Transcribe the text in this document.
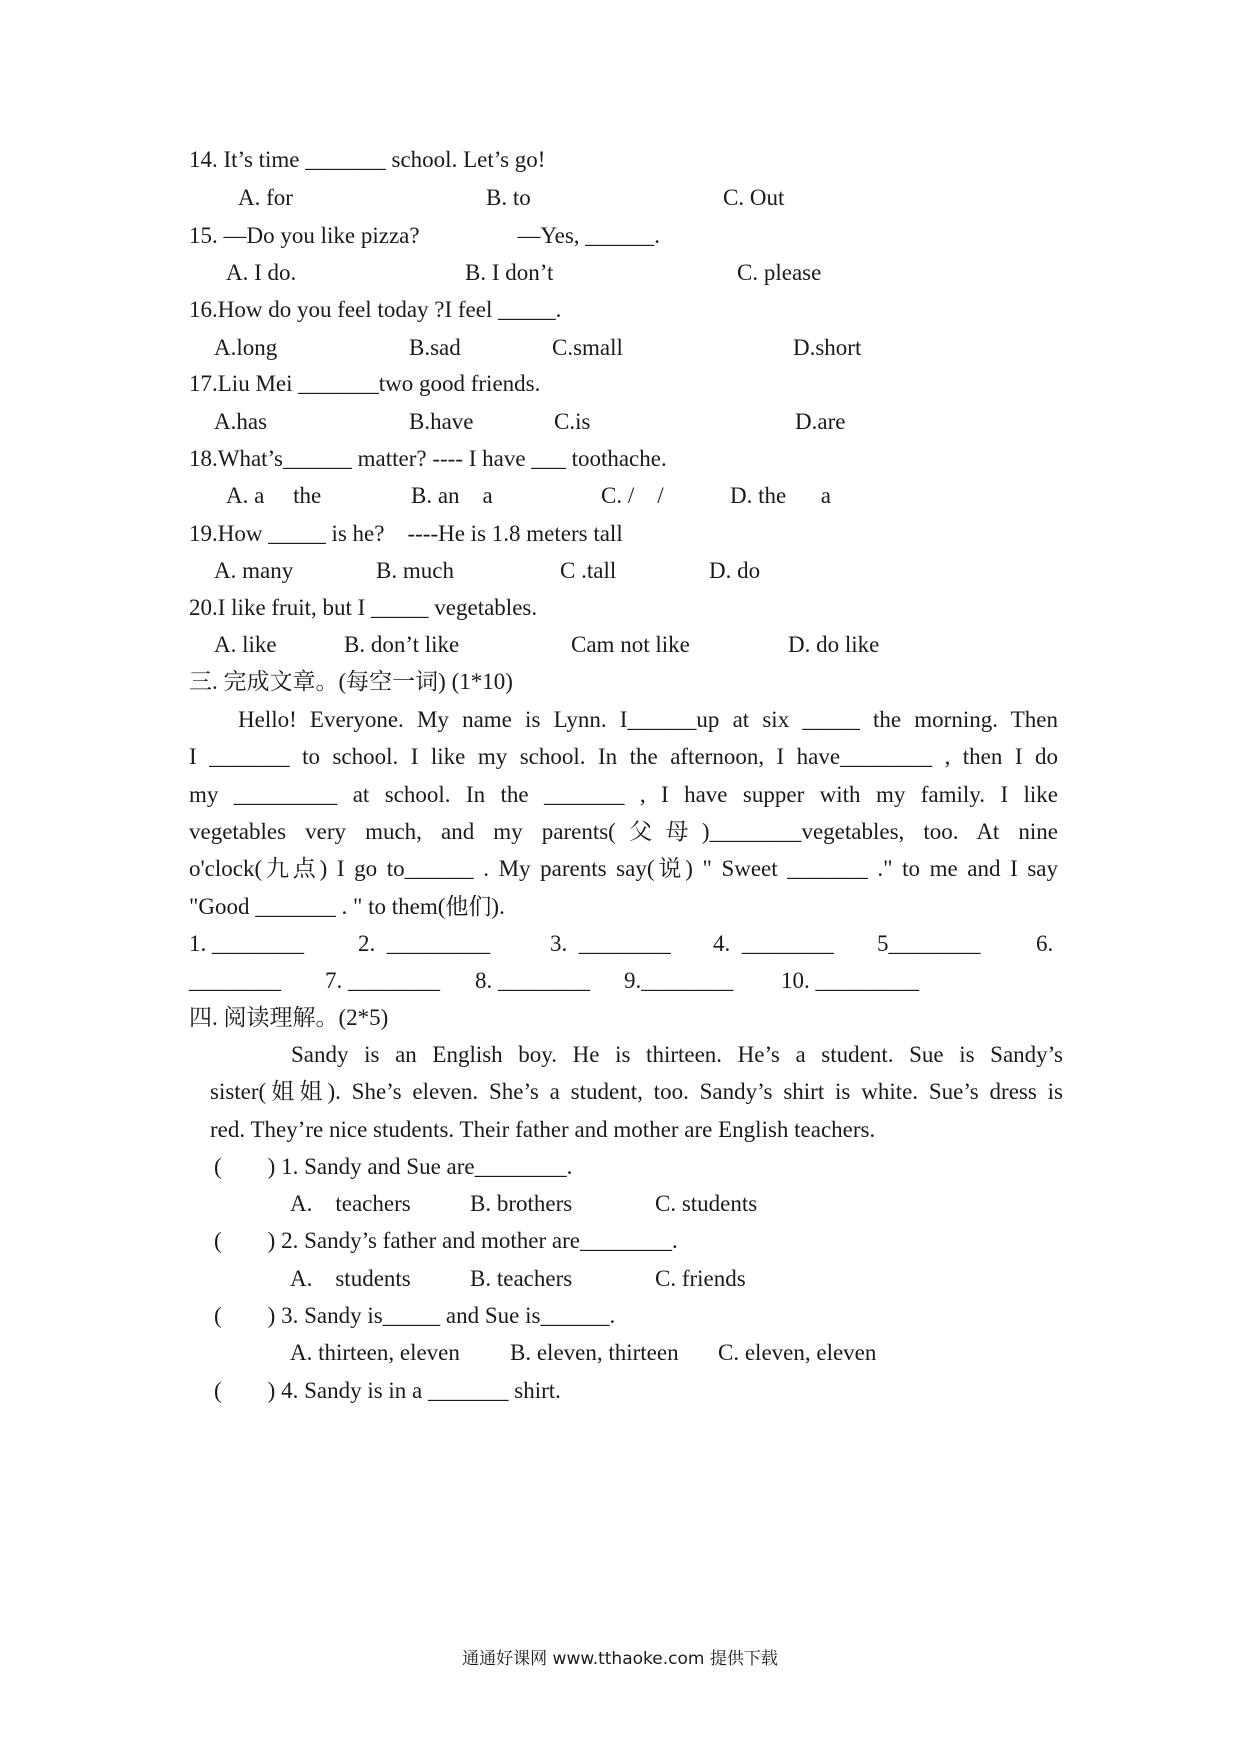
14. It’s time _______ school. Let’s go!
A. for	B. to	C. Out
15. —Do you like pizza?                 —Yes, ______.
A. I do.	B. I don’t	C. please
16.How do you feel today ?I feel _____.
A.long	B.sad	C.small	D.short
17.Liu Mei _______two good friends.
A.has	B.have	C.is	D.are
18.What’s______ matter? ---- I have ___ toothache.
A. a     the	B. an    a	C. /    /	D. the      a
19.How _____ is he?    ----He is 1.8 meters tall
A. many	B. much	C .tall	D. do
20.I like fruit, but I _____ vegetables.
A. like	B. don’t like	Cam not like	D. do like
三. 完成文章。(每空一词) (1*10)
Hello! Everyone. My name is Lynn. I______up at six _____ the morning. Then
I _______ to school. I like my school. In the afternoon, I have________ , then I do
my _________ at school. In the _______ , I have supper with my family. I like
vegetables very much, and my parents(父母)________vegetables, too. At nine
o'clock(九点) I go to______ . My parents say(说) " Sweet _______ ." to me and I say
"Good _______ . " to them(他们).
1. ________ 2.  _________	3.  ________ 4.  ________ 5________ 6.
________ 7. ________ 8. ________ 9.________ 10. _________
四. 阅读理解。(2*5)
Sandy is an English boy. He is thirteen. He’s a student. Sue is Sandy’s
sister(姐姐). She’s eleven. She’s a student, too. Sandy’s shirt is white. Sue’s dress is
red. They’re nice students. Their father and mother are English teachers.
(        ) 1. Sandy and Sue are________.
A.    teachers	B. brothers	C. students
(        ) 2. Sandy’s father and mother are________.
A.    students	B. teachers	C. friends
(        ) 3. Sandy is_____ and Sue is______.
A. thirteen, eleven B. eleven, thirteen C. eleven, eleven
(        ) 4. Sandy is in a _______ shirt.
通通好课网 www.tthaoke.com 提供下载
